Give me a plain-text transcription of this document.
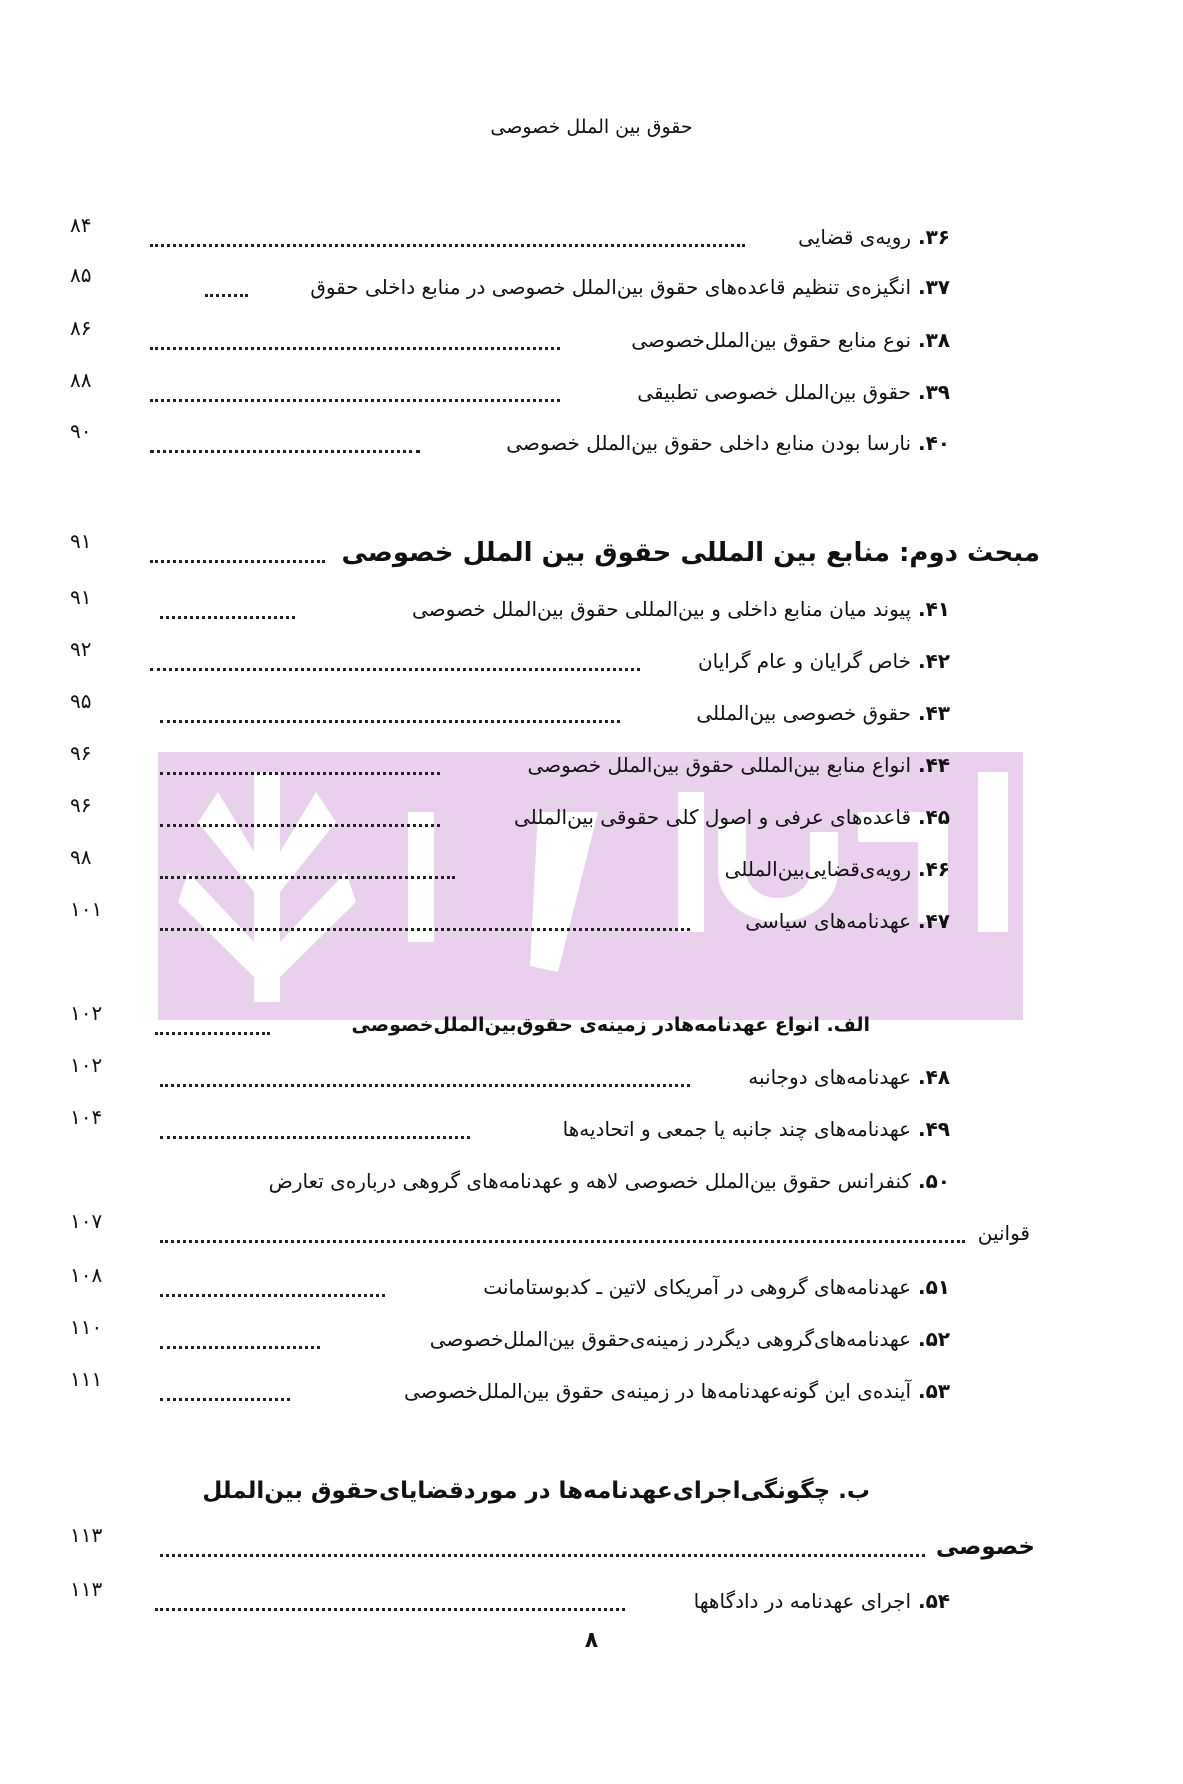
حقوق بین الملل خصوصی
۳۶. رویه‌ی قضایی
۸۴
۳۷. انگیزه‌ی تنظیم قاعده‌های حقوق بین‌الملل خصوصی در منابع داخلی حقوق
۸۵
۳۸. نوع منابع حقوق بین‌الملل‌خصوصی
۸۶
۳۹. حقوق بین‌الملل خصوصی تطبیقی
۸۸
۴۰. نارسا بودن منابع داخلی حقوق بین‌الملل خصوصی
۹۰
مبحث دوم: منابع بین المللی حقوق بین الملل خصوصی
۹۱
۴۱. پیوند میان منابع داخلی و بین‌المللی حقوق بین‌الملل خصوصی
۹۱
۴۲. خاص گرایان و عام گرایان
۹۲
۴۳. حقوق خصوصی بین‌المللی
۹۵
۴۴. انواع منابع بین‌المللی حقوق بین‌الملل خصوصی
۹۶
۴۵. قاعده‌های عرفی و اصول کلی حقوقی بین‌المللی
۹۶
۴۶. رویه‌ی‌قضایی‌بین‌المللی
۹۸
۴۷. عهدنامه‌های سیاسی
۱۰۱
الف. انواع عهدنامه‌هادر زمینه‌ی حقوق‌بین‌الملل‌خصوصی
۱۰۲
۴۸. عهدنامه‌های دوجانبه
۱۰۲
۴۹. عهدنامه‌های چند جانبه یا جمعی و اتحادیه‌ها
۱۰۴
۵۰. کنفرانس حقوق بین‌الملل خصوصی لاهه و عهدنامه‌های گروهی درباره‌ی تعارض
قوانین
۱۰۷
۵۱. عهدنامه‌های گروهی در آمریکای لاتین ـ کدبوستامانت
۱۰۸
۵۲. عهدنامه‌های‌گروهی دیگردر زمینه‌ی‌حقوق بین‌الملل‌خصوصی
۱۱۰
۵۳. آینده‌ی این گونه‌عهدنامه‌ها در زمینه‌ی حقوق بین‌الملل‌خصوصی
۱۱۱
ب. چگونگی‌اجرای‌عهدنامه‌ها در موردقضایای‌حقوق بین‌الملل
خصوصی
۱۱۳
۵۴. اجرای عهدنامه در دادگاهها
۱۱۳
۸
